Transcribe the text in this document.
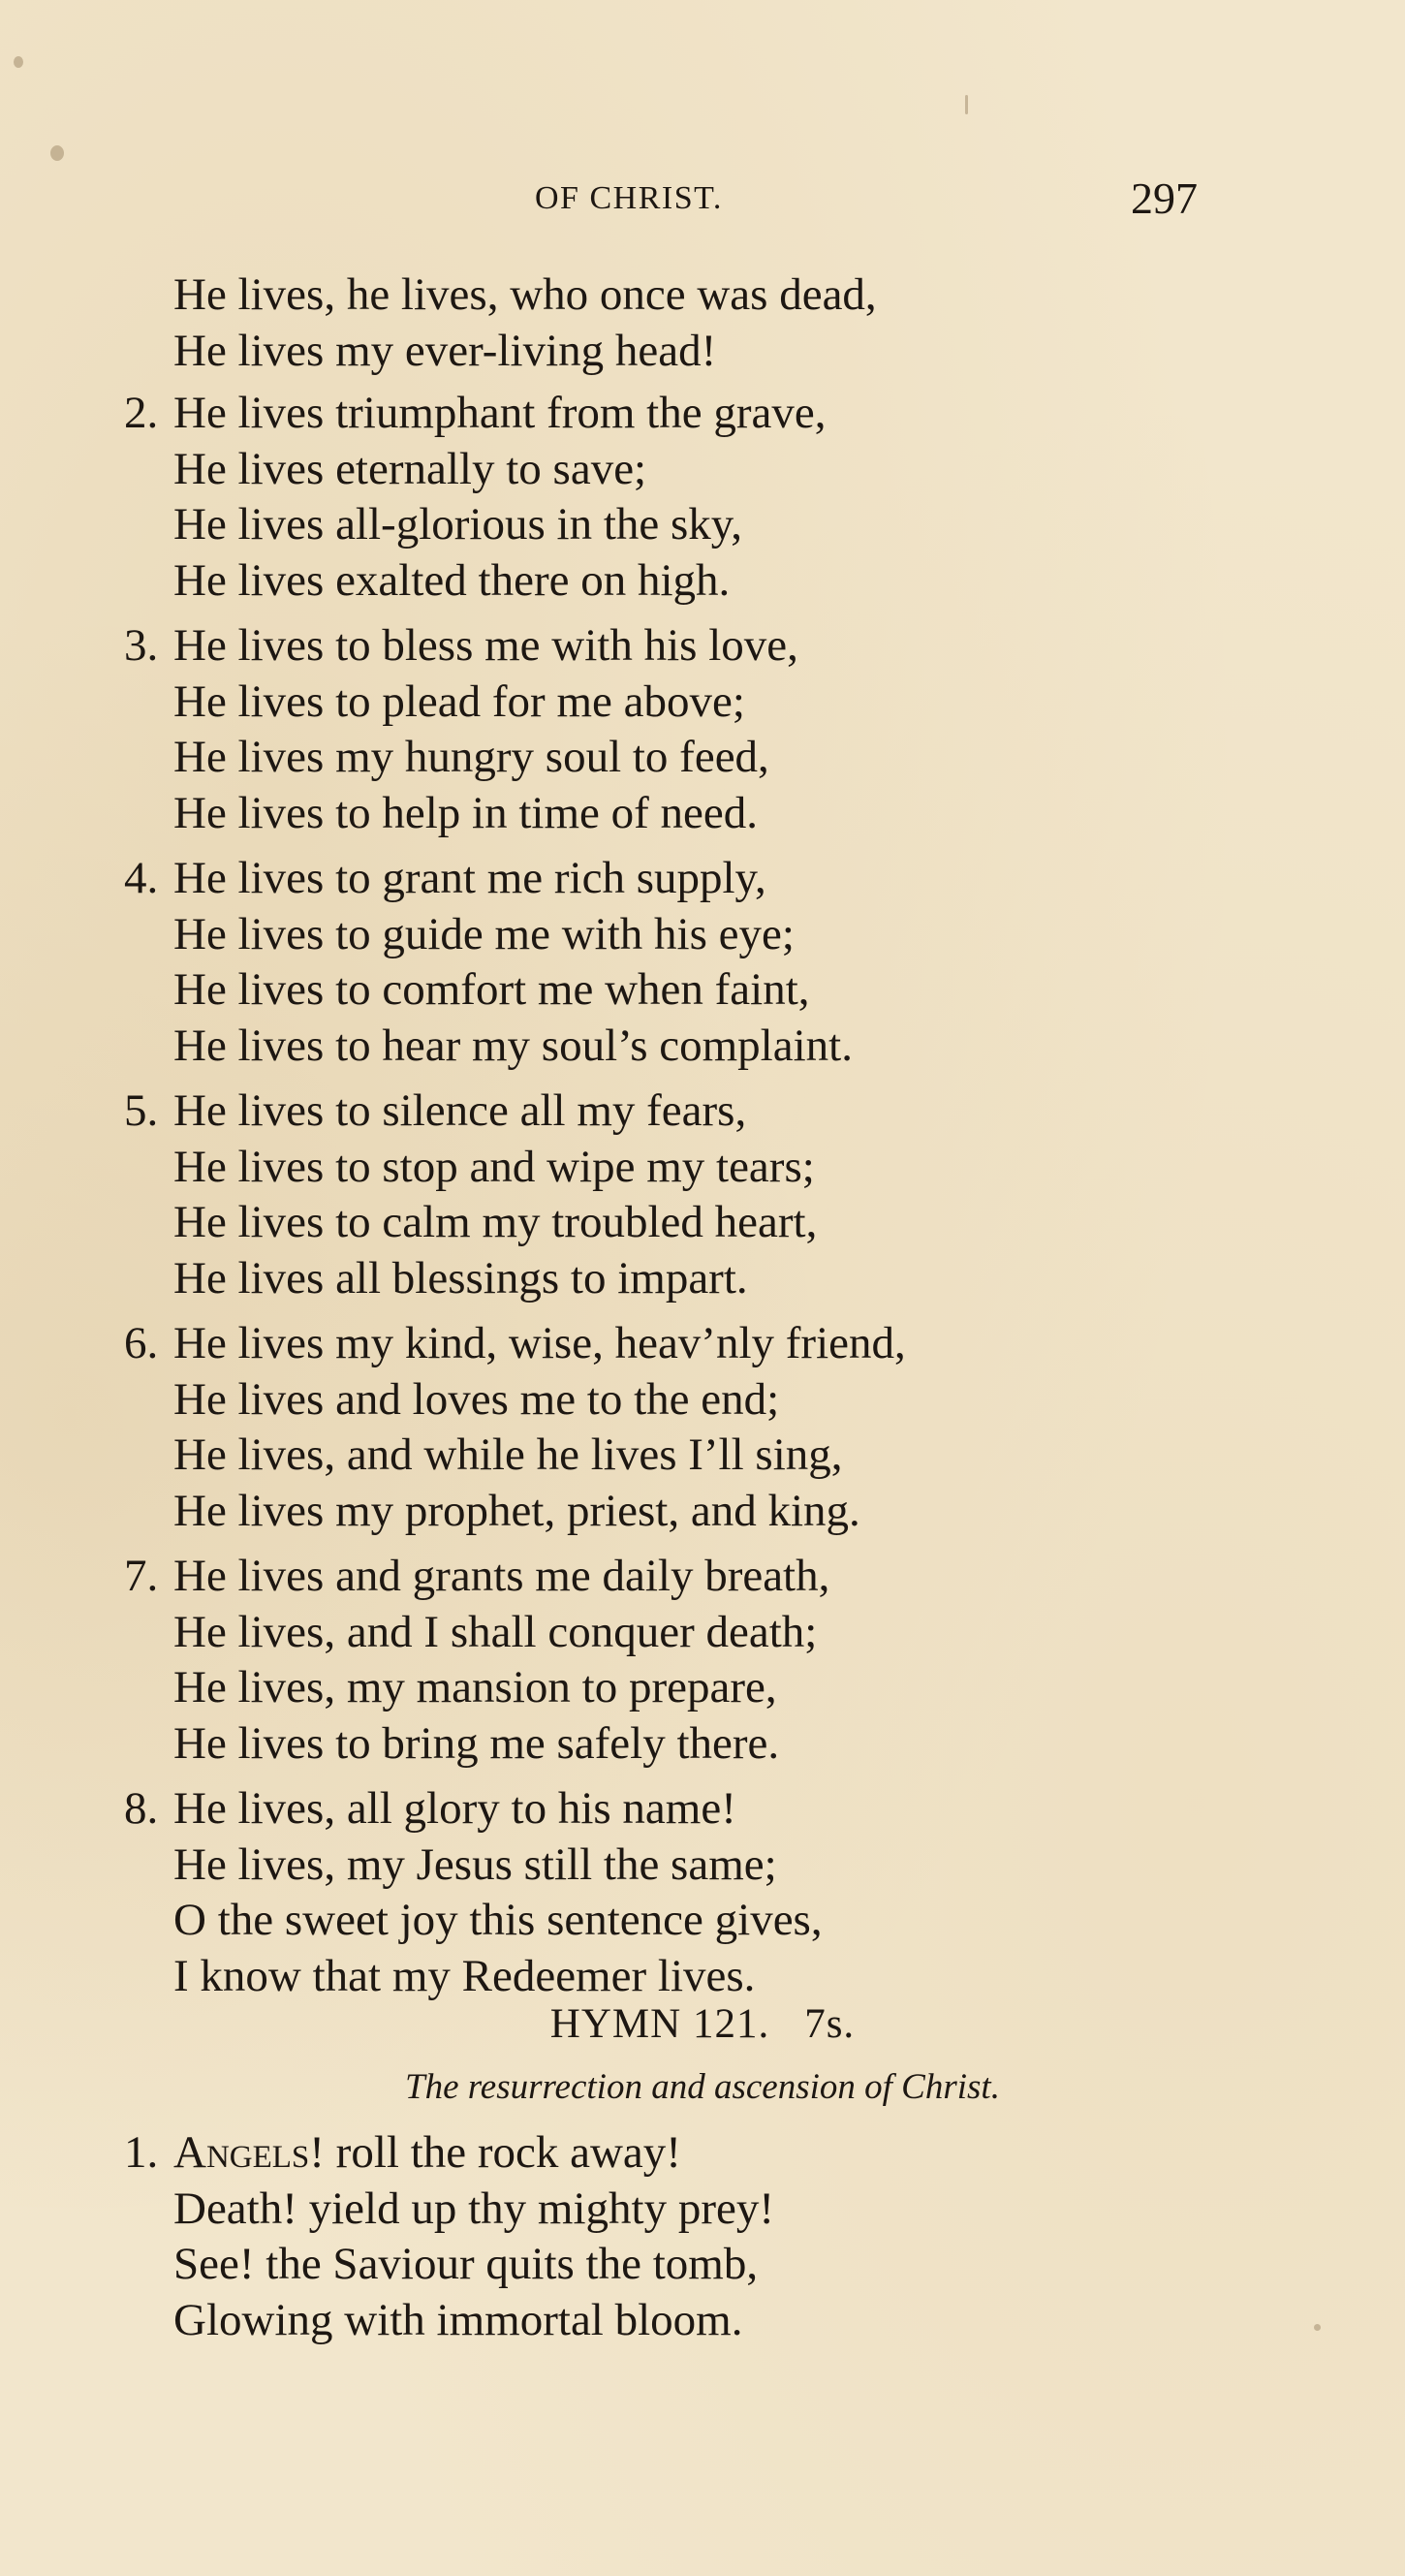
OF CHRIST.	297
He lives, he lives, who once was dead,
He lives my ever-living head!
2. He lives triumphant from the grave,
He lives eternally to save;
He lives all-glorious in the sky,
He lives exalted there on high.
3. He lives to bless me with his love,
He lives to plead for me above;
He lives my hungry soul to feed,
He lives to help in time of need.
4. He lives to grant me rich supply,
He lives to guide me with his eye;
He lives to comfort me when faint,
He lives to hear my soul’s complaint.
5. He lives to silence all my fears,
He lives to stop and wipe my tears;
He lives to calm my troubled heart,
He lives all blessings to impart.
6. He lives my kind, wise, heav’nly friend,
He lives and loves me to the end;
He lives, and while he lives I’ll sing,
He lives my prophet, priest, and king.
7. He lives and grants me daily breath,
He lives, and I shall conquer death;
He lives, my mansion to prepare,
He lives to bring me safely there.
8. He lives, all glory to his name!
He lives, my Jesus still the same;
O the sweet joy this sentence gives,
I know that my Redeemer lives.
HYMN 121. 7s.
The resurrection and ascension of Christ.
1. Angels! roll the rock away!
Death! yield up thy mighty prey!
See! the Saviour quits the tomb,
Glowing with immortal bloom.
